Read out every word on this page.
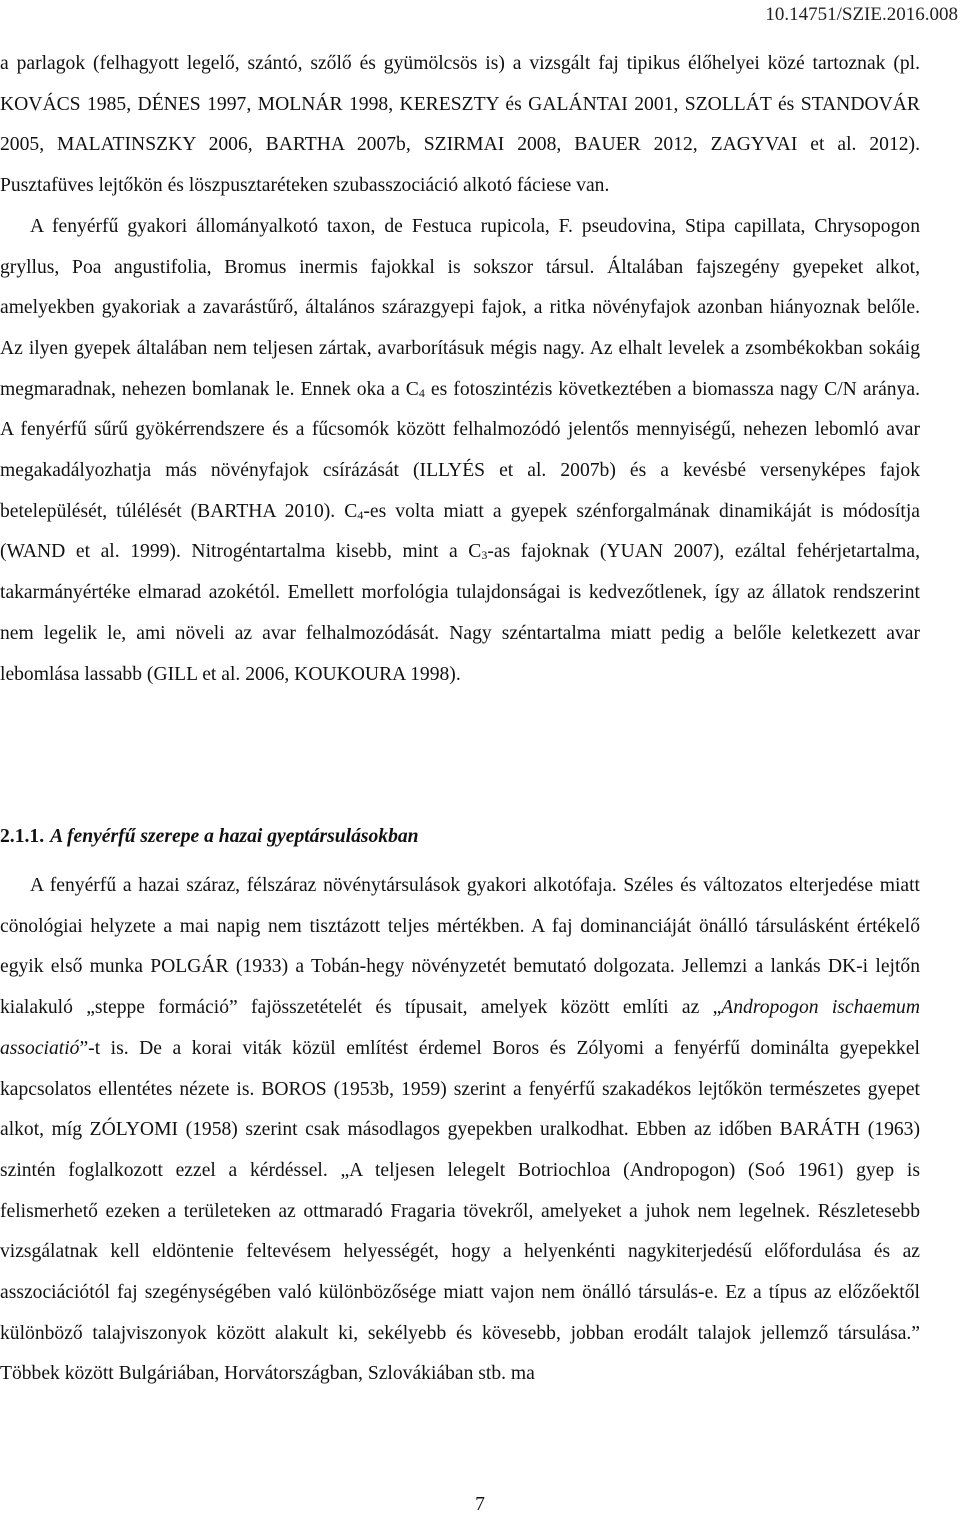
10.14751/SZIE.2016.008

a parlagok (felhagyott legelő, szántó, szőlő és gyümölcsös is) a vizsgált faj tipikus élőhelyei közé tartoznak (pl. KOVÁCS 1985, DÉNES 1997, MOLNÁR 1998, KERESZTY és GALÁNTAI 2001, SZOLLÁT és STANDOVÁR 2005, MALATINSZKY 2006, BARTHA 2007b, SZIRMAI 2008, BAUER 2012, ZAGYVAI et al. 2012). Pusztafüves lejtőkön és löszpusztaréteken szubasszociáció alkotó fáciese van.

A fenyérfű gyakori állományalkotó taxon, de Festuca rupicola, F. pseudovina, Stipa capillata, Chrysopogon gryllus, Poa angustifolia, Bromus inermis fajokkal is sokszor társul. Általában fajszegény gyepeket alkot, amelyekben gyakoriak a zavarástűrő, általános szárazgyepi fajok, a ritka növényfajok azonban hiányoznak belőle. Az ilyen gyepek általában nem teljesen zártak, avarborításuk mégis nagy. Az elhalt levelek a zsombékokban sokáig megmaradnak, nehezen bomlanak le. Ennek oka a $C_4$ es fotoszintézis következtében a biomassza nagy C/N aránya. A fenyérfű sűrű gyökérrendszere és a fűcsomók között felhalmozódó jelentős mennyiségű, nehezen lebomló avar megakadályozhatja más növényfajok csírázását (ILLYÉS et al. 2007b) és a kevésbé versenyképes fajok betelepülését, túlélését (BARTHA 2010). $C_4-es$ volta miatt a gyepek szénforgalmának dinamikáját is módosítja (WAND et al. 1999). Nitrogéntartalma kisebb, mint a $C_3-as$ fajoknak (YUAN 2007), ezáltal fehérjetartalma, takarmányértéke elmarad azokétól. Emellett morfológia tulajdonságai is kedvezőtlenek, így az állatok rendszerint nem legelik le, ami növeli az avar felhalmozódását. Nagy széntartalma miatt pedig a belőle keletkezett avar lebomlása lassabb (GILL et al. 2006, KOUKOURA 1998).

2.1.1. A fenyérfű szerepe a hazai gyeptársulásokban

A fenyérfű a hazai száraz, félszáraz növénytársulások gyakori alkotófaja. Széles és változatos elterjedése miatt cönológiai helyzete a mai napig nem tisztázott teljes mértékben. A faj dominanciáját önálló társulásként értékelő egyik első munka POLGÁR (1933) a Tobán-hegy növényzetét bemutató dolgozata. Jellemzi a lankás DK-i lejtőn kialakuló „steppe formáció” fajösszetételét és típusait, amelyek között említi az „Andropogon ischaemum associatió”-t is. De a korai viták közül említést érdemel Boros és Zólyomi a fenyérfű domináltа gyepekkel kapcsolatos ellentétes nézete is. BOROS (1953b, 1959) szerint a fenyérfű szakadékos lejtőkön természetes gyepet alkot, míg ZÓLYOMI (1958) szerint csak másodlagos gyepekben uralkodhat. Ebben az időben BARÁTH (1963) szintén foglalkozott ezzel a kérdéssel. „A teljesen lelegelt Botriochloa (Andropogon) (Soó 1961) gyep is felismerhető ezeken a területeken az ottmaradó Fragaria tövekről, amelyeket a juhok nem legelnek. Részletesebb vizsgálatnak kell eldöntenie feltevésem helyességét, hogy a helyenkénti nagykiterjedésű előfordulása és az asszociációtól faj szegénységében való különbözősége miatt vajon nem önálló társulás-e. Ez a típus az előzőektől különböző talajviszonyok között alakult ki, sekélyebb és kövesebb, jobban erodált talajok jellemző társulása.” Többek között Bulgáriában, Horvátországban, Szlovákiában stb. ma

7
